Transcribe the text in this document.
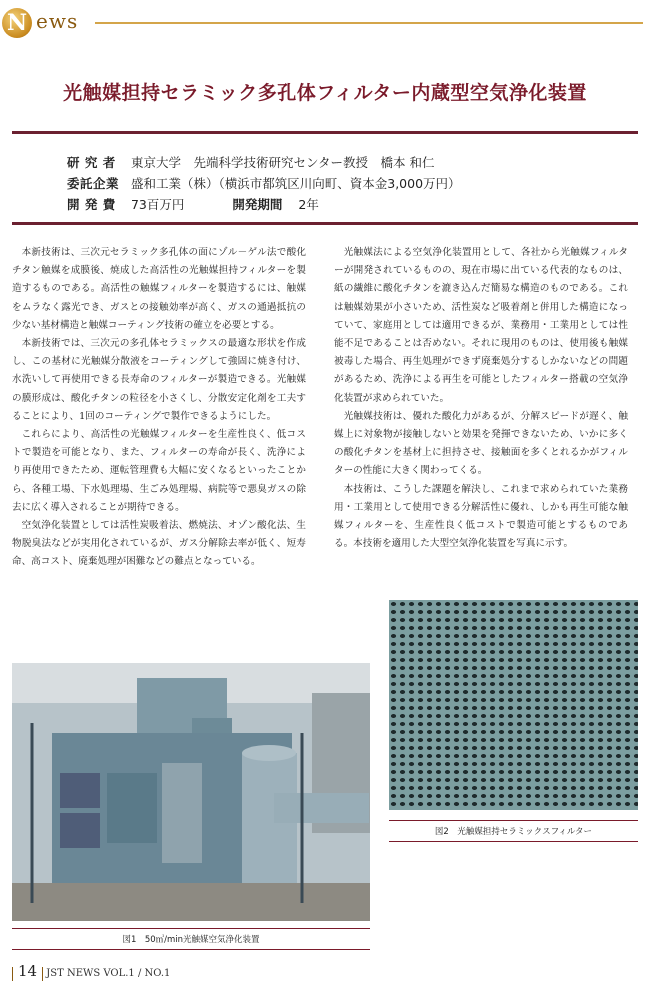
N ews
光触媒担持セラミック多孔体フィルター内蔵型空気浄化装置
研 究 者 東京大学　先端科学技術研究センター教授　橋本 和仁
委託企業 盛和工業（株）（横浜市都筑区川向町、資本金3,000万円）
開 発 費 73百万円	開発期間 2年

本新技術は、三次元セラミック多孔体の面にゾル－ゲル法で酸化チタン触媒を成膜後、焼成した高活性の光触媒担持フィルターを製造するものである。高活性の触媒フィルターを製造するには、触媒をムラなく露光でき、ガスとの接触効率が高く、ガスの通過抵抗の少ない基材構造と触媒コーティング技術の確立を必要とする。

本新技術では、三次元の多孔体セラミックスの最適な形状を作成し、この基材に光触媒分散液をコーティングして強固に焼き付け、水洗いして再使用できる長寿命のフィルターが製造できる。光触媒の膜形成は、酸化チタンの粒径を小さくし、分散安定化剤を工夫することにより、1回のコーティングで製作できるようにした。

これらにより、高活性の光触媒フィルターを生産性良く、低コストで製造を可能となり、また、フィルターの寿命が長く、洗浄により再使用できたため、運転管理費も大幅に安くなるといったことから、各種工場、下水処理場、生ごみ処理場、病院等で悪臭ガスの除去に広く導入されることが期待できる。

空気浄化装置としては活性炭吸着法、燃焼法、オゾン酸化法、生物脱臭法などが実用化されているが、ガス分解除去率が低く、短寿命、高コスト、廃棄処理が困難などの難点となっている。

光触媒法による空気浄化装置用として、各社から光触媒フィルターが開発されているものの、現在市場に出ている代表的なものは、紙の繊維に酸化チタンを漉き込んだ簡易な構造のものである。これは触媒効果が小さいため、活性炭など吸着剤と併用した構造になっていて、家庭用としては適用できるが、業務用・工業用としては性能不足であることは否めない。それに現用のものは、使用後も触媒被毒した場合、再生処理ができず廃棄処分するしかないなどの問題があるため、洗浄による再生を可能としたフィルター搭載の空気浄化装置が求められていた。

光触媒技術は、優れた酸化力があるが、分解スピードが遅く、触媒上に対象物が接触しないと効果を発揮できないため、いかに多くの酸化チタンを基材上に担持させ、接触面を多くとれるかがフィルターの性能に大きく関わってくる。

本技術は、こうした課題を解決し、これまで求められていた業務用・工業用として使用できる分解活性に優れ、しかも再生可能な触媒フィルターを、生産性良く低コストで製造可能とするものである。本技術を適用した大型空気浄化装置を写真に示す。

図2　光触媒担持セラミックスフィルター
図1　50㎥/min光触媒空気浄化装置
14 JST NEWS VOL.1 / NO.1
